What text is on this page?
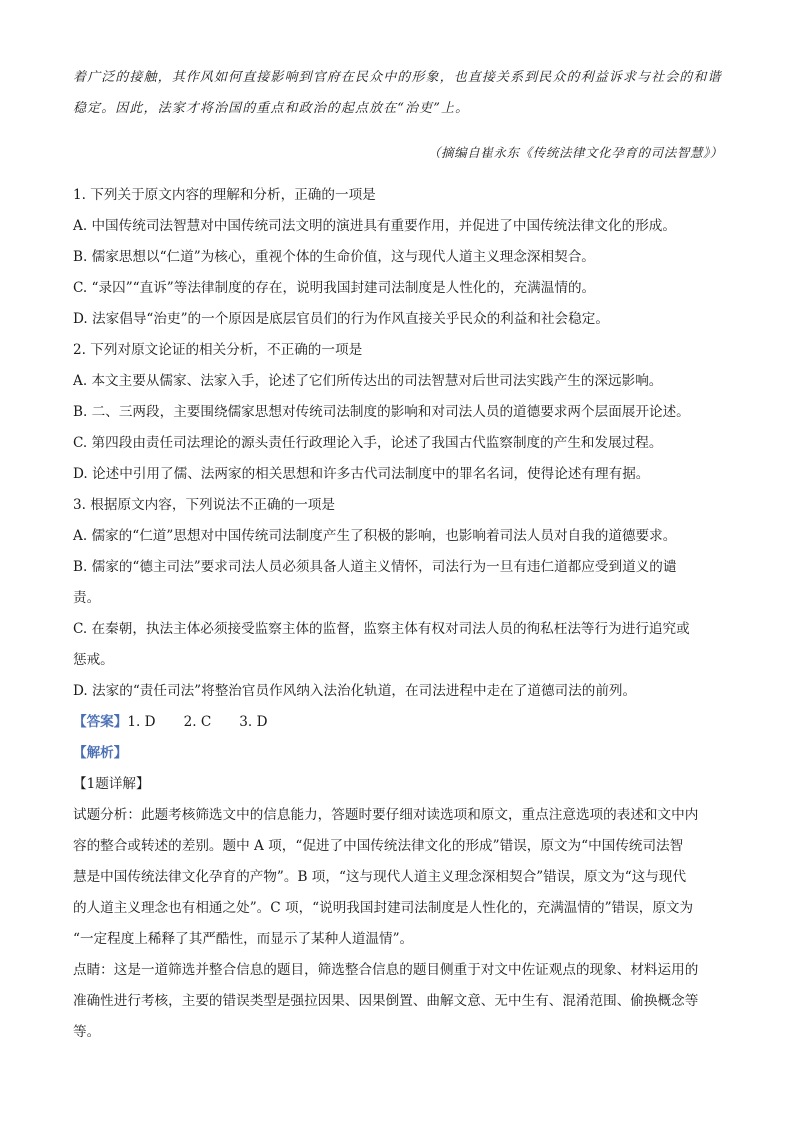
着广泛的接触，其作风如何直接影响到官府在民众中的形象，也直接关系到民众的利益诉求与社会的和谐

稳定。因此，法家才将治国的重点和政治的起点放在“治吏”上。

（摘编自崔永东《传统法律文化孕育的司法智慧》）

1. 下列关于原文内容的理解和分析，正确的一项是
A. 中国传统司法智慧对中国传统司法文明的演进具有重要作用，并促进了中国传统法律文化的形成。
B. 儒家思想以“仁道”为核心，重视个体的生命价值，这与现代人道主义理念深相契合。
C. “录囚”“直诉”等法律制度的存在，说明我国封建司法制度是人性化的，充满温情的。
D. 法家倡导“治吏”的一个原因是底层官员们的行为作风直接关乎民众的利益和社会稳定。
2. 下列对原文论证的相关分析，不正确的一项是
A. 本文主要从儒家、法家入手，论述了它们所传达出的司法智慧对后世司法实践产生的深远影响。
B. 二、三两段，主要围绕儒家思想对传统司法制度的影响和对司法人员的道德要求两个层面展开论述。
C. 第四段由责任司法理论的源头责任行政理论入手，论述了我国古代监察制度的产生和发展过程。
D. 论述中引用了儒、法两家的相关思想和许多古代司法制度中的罪名名词，使得论述有理有据。
3. 根据原文内容，下列说法不正确的一项是
A. 儒家的“仁道”思想对中国传统司法制度产生了积极的影响，也影响着司法人员对自我的道德要求。
B. 儒家的“德主司法”要求司法人员必须具备人道主义情怀，司法行为一旦有违仁道都应受到道义的谴
责。
C. 在秦朝，执法主体必须接受监察主体的监督，监察主体有权对司法人员的徇私枉法等行为进行追究或
惩戒。
D. 法家的“责任司法”将整治官员作风纳入法治化轨道，在司法进程中走在了道德司法的前列。
【答案】1. D 2. C 3. D
【解析】
【1题详解】
试题分析：此题考核筛选文中的信息能力，答题时要仔细对读选项和原文，重点注意选项的表述和文中内
容的整合或转述的差别。题中 A 项，“促进了中国传统法律文化的形成”错误，原文为“中国传统司法智
慧是中国传统法律文化孕育的产物”。B 项，“这与现代人道主义理念深相契合”错误，原文为“这与现代
的人道主义理念也有相通之处”。C 项，“说明我国封建司法制度是人性化的，充满温情的”错误，原文为
“一定程度上稀释了其严酷性，而显示了某种人道温情”。
点睛：这是一道筛选并整合信息的题目，筛选整合信息的题目侧重于对文中佐证观点的现象、材料运用的
准确性进行考核，主要的错误类型是强拉因果、因果倒置、曲解文意、无中生有、混淆范围、偷换概念等
等。
